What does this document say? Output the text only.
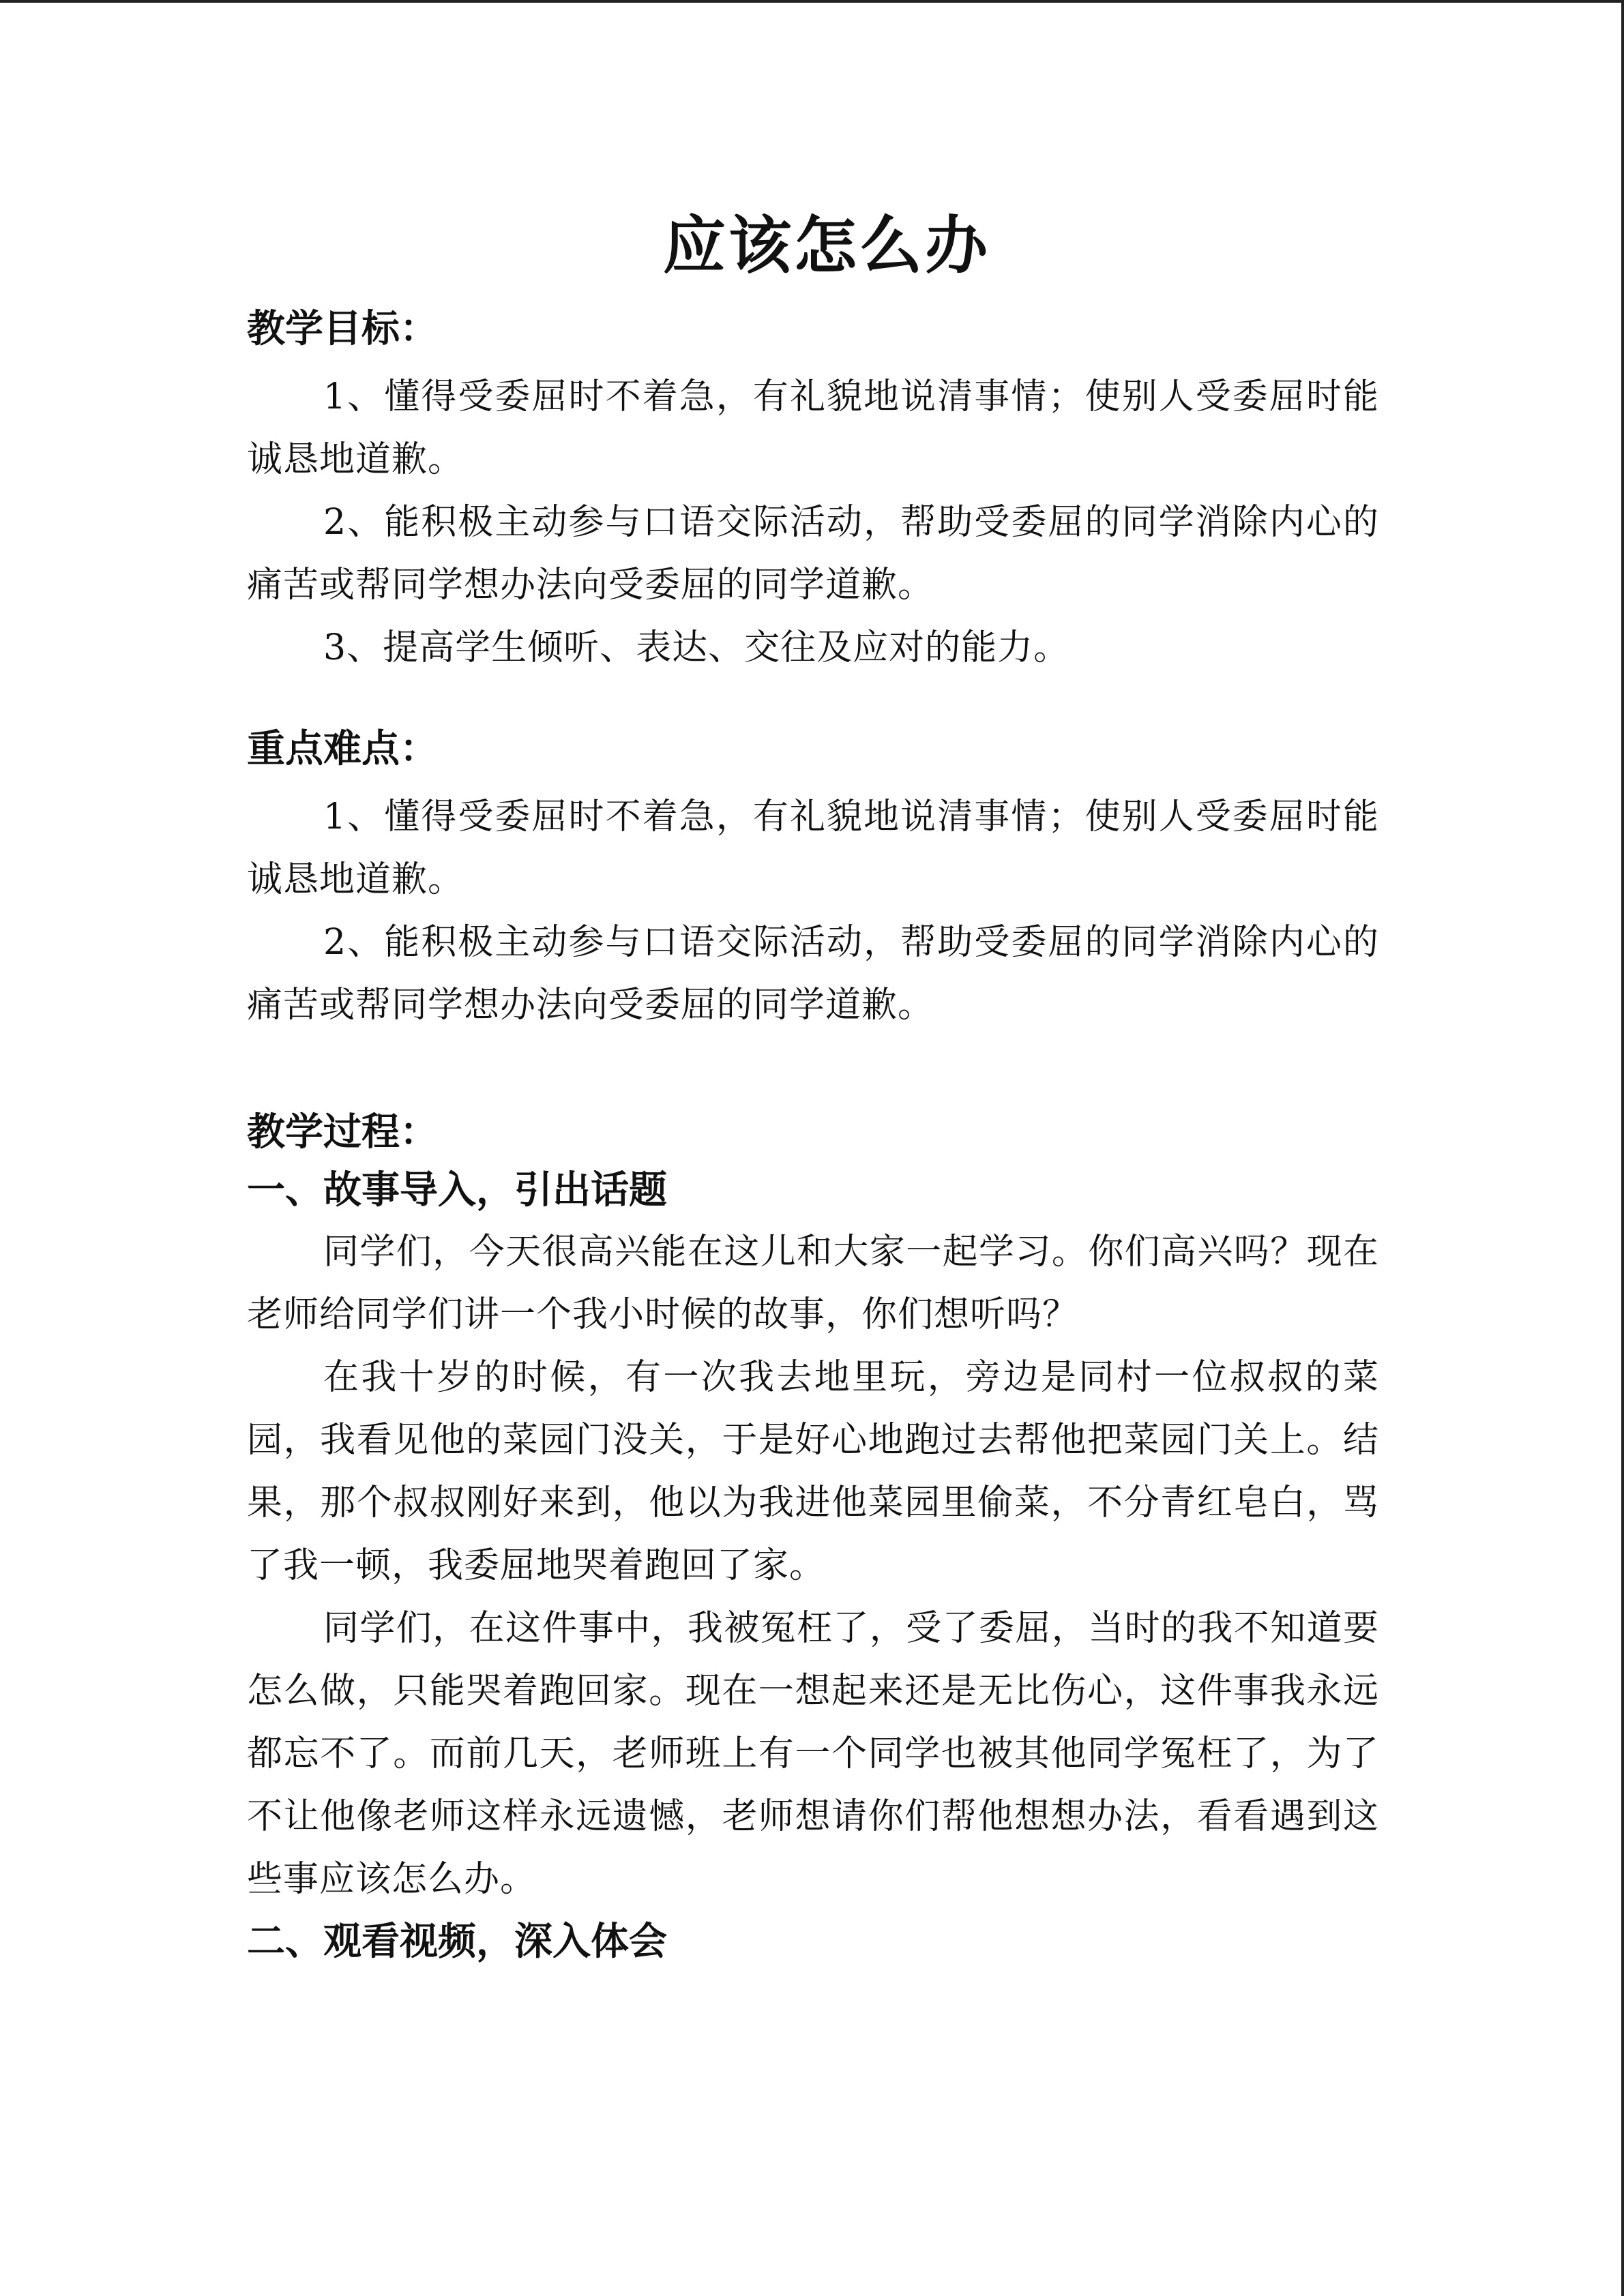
应该怎么办
教学目标：

1、懂得受委屈时不着急，有礼貌地说清事情；使别人受委屈时能诚恳地道歉。

2、能积极主动参与口语交际活动，帮助受委屈的同学消除内心的痛苦或帮同学想办法向受委屈的同学道歉。

3、提高学生倾听、表达、交往及应对的能力。

重点难点：

1、懂得受委屈时不着急，有礼貌地说清事情；使别人受委屈时能诚恳地道歉。

2、能积极主动参与口语交际活动，帮助受委屈的同学消除内心的痛苦或帮同学想办法向受委屈的同学道歉。

教学过程：
一、故事导入，引出话题

同学们，今天很高兴能在这儿和大家一起学习。你们高兴吗？现在老师给同学们讲一个我小时候的故事，你们想听吗？

在我十岁的时候，有一次我去地里玩，旁边是同村一位叔叔的菜园，我看见他的菜园门没关，于是好心地跑过去帮他把菜园门关上。结果，那个叔叔刚好来到，他以为我进他菜园里偷菜，不分青红皂白，骂了我一顿，我委屈地哭着跑回了家。

同学们，在这件事中，我被冤枉了，受了委屈，当时的我不知道要怎么做，只能哭着跑回家。现在一想起来还是无比伤心，这件事我永远都忘不了。而前几天，老师班上有一个同学也被其他同学冤枉了，为了不让他像老师这样永远遗憾，老师想请你们帮他想想办法，看看遇到这些事应该怎么办。

二、观看视频，深入体会
